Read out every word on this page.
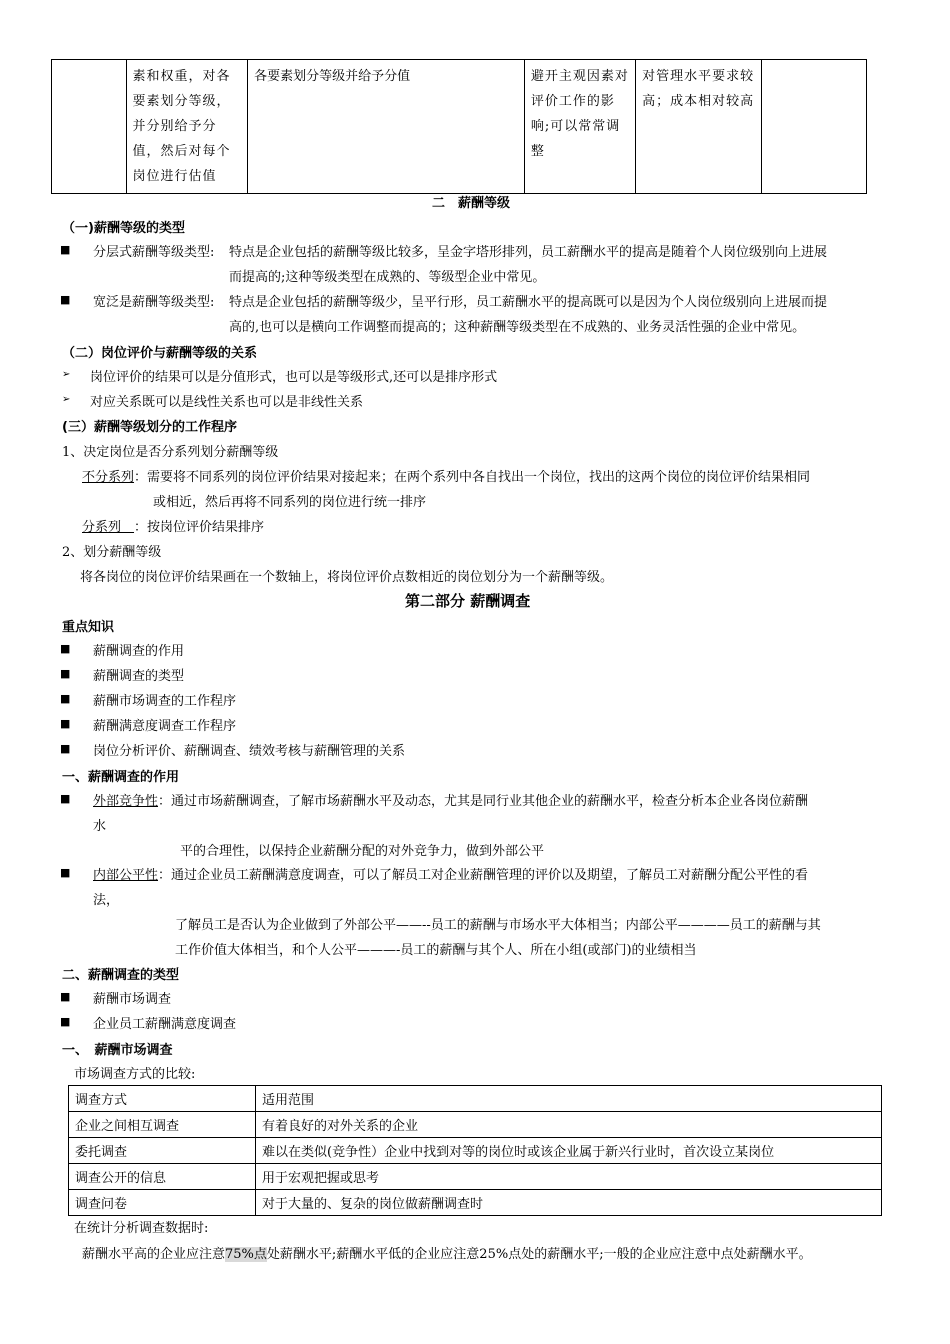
	素和权重，对各要素划分等级，并分别给予分值，然后对每个岗位进行估值	各要素划分等级并给予分值	避开主观因素对评价工作的影响;可以常常调整	对管理水平要求较高；成本相对较高	
二　薪酬等级
（一)薪酬等级的类型
■ 分层式薪酬等级类型: 特点是企业包括的薪酬等级比较多，呈金字塔形排列，员工薪酬水平的提高是随着个人岗位级别向上进展
而提高的;这种等级类型在成熟的、等级型企业中常见。
■ 宽泛是薪酬等级类型: 特点是企业包括的薪酬等级少，呈平行形，员工薪酬水平的提高既可以是因为个人岗位级别向上进展而提
高的,也可以是横向工作调整而提高的；这种薪酬等级类型在不成熟的、业务灵活性强的企业中常见。
（二）岗位评价与薪酬等级的关系
➢ 岗位评价的结果可以是分值形式，也可以是等级形式,还可以是排序形式
➢ 对应关系既可以是线性关系也可以是非线性关系
(三）薪酬等级划分的工作程序
1、决定岗位是否分系列划分薪酬等级
不分系列：需要将不同系列的岗位评价结果对接起来；在两个系列中各自找出一个岗位，找出的这两个岗位的岗位评价结果相同
或相近，然后再将不同系列的岗位进行统一排序
分系列　：按岗位评价结果排序
2、划分薪酬等级
将各岗位的岗位评价结果画在一个数轴上，将岗位评价点数相近的岗位划分为一个薪酬等级。
第二部分 薪酬调查
重点知识
■ 薪酬调查的作用
■ 薪酬调查的类型
■ 薪酬市场调查的工作程序
■ 薪酬满意度调查工作程序
■ 岗位分析评价、薪酬调查、绩效考核与薪酬管理的关系
一、薪酬调查的作用
■ 外部竞争性：通过市场薪酬调查，了解市场薪酬水平及动态，尤其是同行业其他企业的薪酬水平，检查分析本企业各岗位薪酬
水
平的合理性，以保持企业薪酬分配的对外竞争力，做到外部公平
■ 内部公平性：通过企业员工薪酬满意度调查，可以了解员工对企业薪酬管理的评价以及期望，了解员工对薪酬分配公平性的看
法，
了解员工是否认为企业做到了外部公平——--员工的薪酬与市场水平大体相当；内部公平————员工的薪酬与其
工作价值大体相当，和个人公平———-员工的薪酬与其个人、所在小组(或部门)的业绩相当
二、薪酬调查的类型
■ 薪酬市场调查
■ 企业员工薪酬满意度调查
一、　薪酬市场调查
市场调查方式的比较:
调查方式	适用范围
企业之间相互调查	有着良好的对外关系的企业
委托调查	难以在类似(竞争性）企业中找到对等的岗位时或该企业属于新兴行业时，首次设立某岗位
调查公开的信息	用于宏观把握或思考
调查问卷	对于大量的、复杂的岗位做薪酬调查时
在统计分析调查数据时:
薪酬水平高的企业应注意75%点处薪酬水平;薪酬水平低的企业应注意25%点处的薪酬水平;一般的企业应注意中点处薪酬水平。
